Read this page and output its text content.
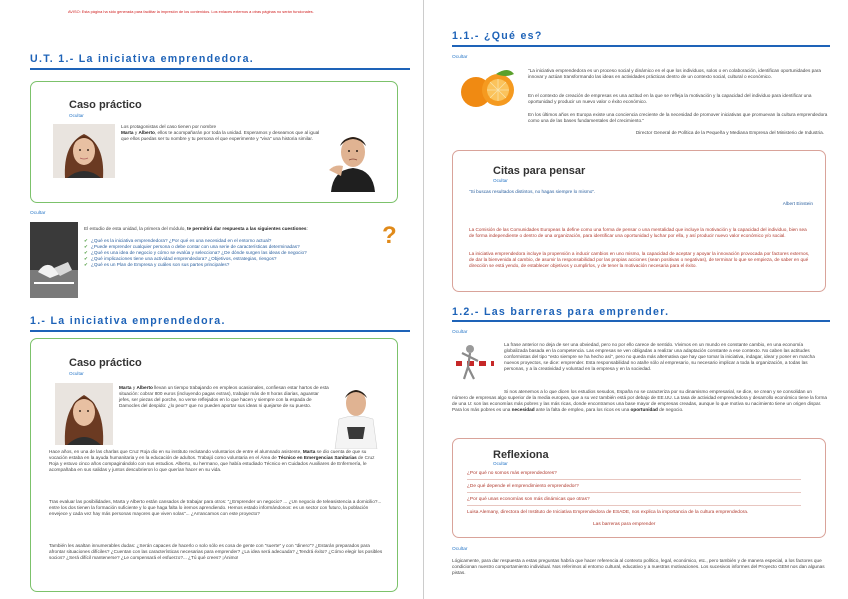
AVISO: Esta página ha sido generada para facilitar la impresión de los contenidos. Los enlaces externos a otras páginas no serán funcionales.
U.T. 1.- La iniciativa emprendedora.
Caso práctico
Ocultar
Los protagonistas del caso tienen por nombre
Marta y Alberto, ellos te acompañarán por toda la unidad. Esperamos y deseamos que al igual que ellos puedas ser tu nombre y tu persona el que experimente y "viva" una historia similar.
Ocultar
El estudio de esta unidad, la primera del módulo, te permitirá dar respuesta a las siguientes cuestiones:
✔ ¿Qué es la iniciativa emprendedora? ¿Por qué es una necesidad en el entorno actual?
✔ ¿Puede emprender cualquier persona o debe contar con una serie de características determinadas?
✔ ¿Qué es una idea de negocio y cómo se evalúa y selecciona? ¿De dónde surgen las ideas de negocio?
✔ ¿Qué implicaciones tiene una actividad emprendedora? ¿Objetivos, estrategias, riesgos?
✔ ¿Qué es un Plan de Empresa y cuáles son sus partes principales?
?
1.- La iniciativa emprendedora.
Caso práctico
Ocultar
Marta y Alberto llevan un tiempo trabajando en empleos ocasionales, confiesan estar hartos de esta situación: cobrar 800 euros (incluyendo pagas extras), trabajar más de 8 horas diarias, aguantar jefes, ser piezas del porche, no verse reflejados en lo que hacen y siempre con la espada de Damocles del despido: ¿lo peor? que no pueden aportar sus ideas ni quejarse de su puesto.
Hace años, en una de las charlas que Cruz Roja dio en su instituto reclutando voluntarios de entre el alumnado asistente, Marta se dio cuenta de que su vocación estaba en la ayuda humanitaria y en la educación de adultos. Trabajó como voluntaria en el Área de Técnico en Emergencias Sanitarias de Cruz Roja y estuvo cinco años compaginándolo con sus estudios. Alberto, su hermano, que había estudiado Técnico en Cuidados Auxiliares de Enfermería, le acompañaba en sus salidas y juntos descubrieron lo que querían hacer en su vida.
Tras evaluar las posibilidades, Marta y Alberto están cansados de trabajar para otros: "¿Emprender un negocio? ... ¿Un negocio de teleasistencia a domicilio?... entre los dos tienen la formación suficiente y lo que haga falta lo iremos aprendiendo. Hemos estado informándonos: es un sector con futuro, la población envejece y cada vez hay más personas mayores que viven solas"... ¿Arrancamos con este proyecto?
También les asaltan innumerables dudas: ¿Serán capaces de hacerlo o solo sólo es cosa de gente con "suerte" y con "dinero"? ¿Estarán preparados para afrontar situaciones difíciles? ¿Cuentan con las características necesarias para emprender? ¿La idea será adecuada? ¿Tendrá éxito? ¿Cómo elegir los posibles socios? ¿Será difícil mantenerse? ¿Le compensará el esfuerzo?... ¿Tú qué crees? ¡Ánimo!
1.1.- ¿Qué es?
Ocultar
"La iniciativa emprendedora es un proceso social y dinámico en el que los individuos, solos o en colaboración, identifican oportunidades para innovar y actúan transformando las ideas en actividades prácticas dentro de un contexto social, cultural o económico.
En el contexto de creación de empresas es una actitud en la que se refleja la motivación y la capacidad del individuo para identificar una oportunidad y producir un nuevo valor o éxito económico.
En los últimos años en Europa existe una conciencia creciente de la necesidad de promover iniciativas que promuevan la cultura emprendedora como una de las bases fundamentales del crecimiento."
Director General de Política de la Pequeña y Mediana Empresa del Ministerio de Industria.
Citas para pensar
Ocultar
"Si buscas resultados distintos, no hagas siempre lo mismo".
Albert Einstein
La Comisión de las Comunidades Europeas la define como una forma de pensar o una mentalidad que incluye la motivación y la capacidad del individuo, bien sea de forma independiente o dentro de una organización, para identificar una oportunidad y luchar por ella, y así producir nuevo valor económico y/o social.
La iniciativa emprendedora incluye la propensión a inducir cambios en uno mismo, la capacidad de aceptar y apoyar la innovación provocada por factores externos, de dar la bienvenida al cambio, de asumir la responsabilidad por las propias acciones (sean positivas o negativas), de terminar lo que se empieza, de saber en qué dirección se está yendo, de establecer objetivos y cumplirlos, y de tener la motivación necesaria para el éxito.
1.2.- Las barreras para emprender.
Ocultar
La frase anterior no deja de ser una obviedad, pero no por ello carece de sentido. Vivimos en un mundo en constante cambio, en una economía globalizada basada en la competencia. Las empresas se ven obligadas a realizar una adaptación constante a ese contexto. No caben las actitudes conformistas del tipo "esto siempre se ha hecho así", pero no queda más alternativa que hay que tomar la iniciativa, indagar, idear y poner en marcha nuevos proyectos, se dice: emprender. Esta responsabilidad no atañe sólo al empresario, su necesario implicar a toda la organización, a todas las personas, y a la creatividad y voluntad en la empresa y en la sociedad.
Si nos atenemos a lo que dicen los estudios sesudos, España no se caracteriza por su dinamismo empresarial, se dice, se crean y se consolidan un número de empresas algo superior de la media europea, que a su vez también está por debajo de EE.UU. La tasa de actividad emprendedora y desarrollo económico tiene la forma de una U: son las economías más pobres y las más ricas, donde encontramos una base mayor de empresas creadas, aunque lo que motiva su nacimiento tiene un origen dispar. Para los más pobres es una necesidad ante la falta de empleo, para los ricos es una oportunidad de negocio.
Reflexiona
Ocultar
¿Por qué no somos más emprendedores?
¿De qué depende el emprendimiento emprendedor?
¿Por qué unas economías son más dinámicas que otras?
Luisa Alemany, directora del Instituto de Iniciativa Emprendedora de ESADE, nos explica la importancia de la cultura emprendedora.
Las barreras para emprender
Ocultar
Lógicamente, para dar respuesta a estas preguntas habría que hacer referencia al contexto político, legal, económico, etc., pero también y de manera especial, a los factores que condicionan nuestro comportamiento individual. Nos referimos al entorno cultural, educativo y a nuestras motivaciones. Los sucesivos informes del Proyecto GEM nos dan algunas pistas.
